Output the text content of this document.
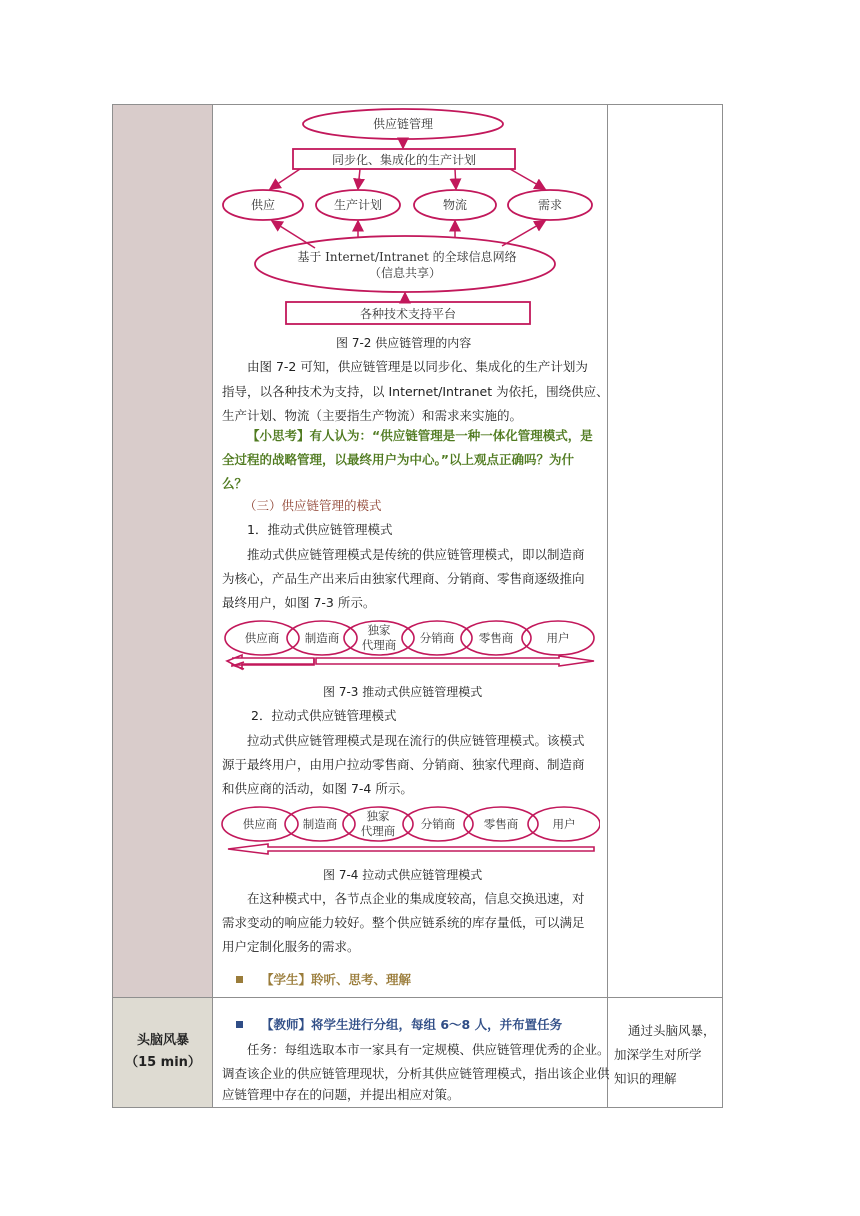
头脑风暴
（15 min）
通过头脑风暴，
加深学生对所学
知识的理解
供应链管理
同步化、集成化的生产计划
供应	生产计划	物流	需求
基于 Internet/Intranet 的全球信息网络
（信息共享）
各种技术支持平台
图 7-2 供应链管理的内容
由图 7-2 可知，供应链管理是以同步化、集成化的生产计划为
指导，以各种技术为支持，以 Internet/Intranet 为依托，围绕供应、
生产计划、物流（主要指生产物流）和需求来实施的。
【小思考】有人认为：“供应链管理是一种一体化管理模式，是
全过程的战略管理，以最终用户为中心。”以上观点正确吗？为什
么？
（三）供应链管理的模式
1．推动式供应链管理模式
推动式供应链管理模式是传统的供应链管理模式，即以制造商
为核心，产品生产出来后由独家代理商、分销商、零售商逐级推向
最终用户，如图 7-3 所示。
供应商 制造商
独家
代理商 分销商 零售商	用户
图 7-3 推动式供应链管理模式
2．拉动式供应链管理模式
拉动式供应链管理模式是现在流行的供应链管理模式。该模式
源于最终用户，由用户拉动零售商、分销商、独家代理商、制造商
和供应商的活动，如图 7-4 所示。
供应商 制造商
独家
代理商 分销商 零售商	用户
图 7-4 拉动式供应链管理模式
在这种模式中，各节点企业的集成度较高，信息交换迅速，对
需求变动的响应能力较好。整个供应链系统的库存量低，可以满足
用户定制化服务的需求。
【学生】聆听、思考、理解
【教师】将学生进行分组，每组 6～8 人，并布置任务
任务：每组选取本市一家具有一定规模、供应链管理优秀的企业。
调查该企业的供应链管理现状，分析其供应链管理模式，指出该企业供
应链管理中存在的问题，并提出相应对策。
